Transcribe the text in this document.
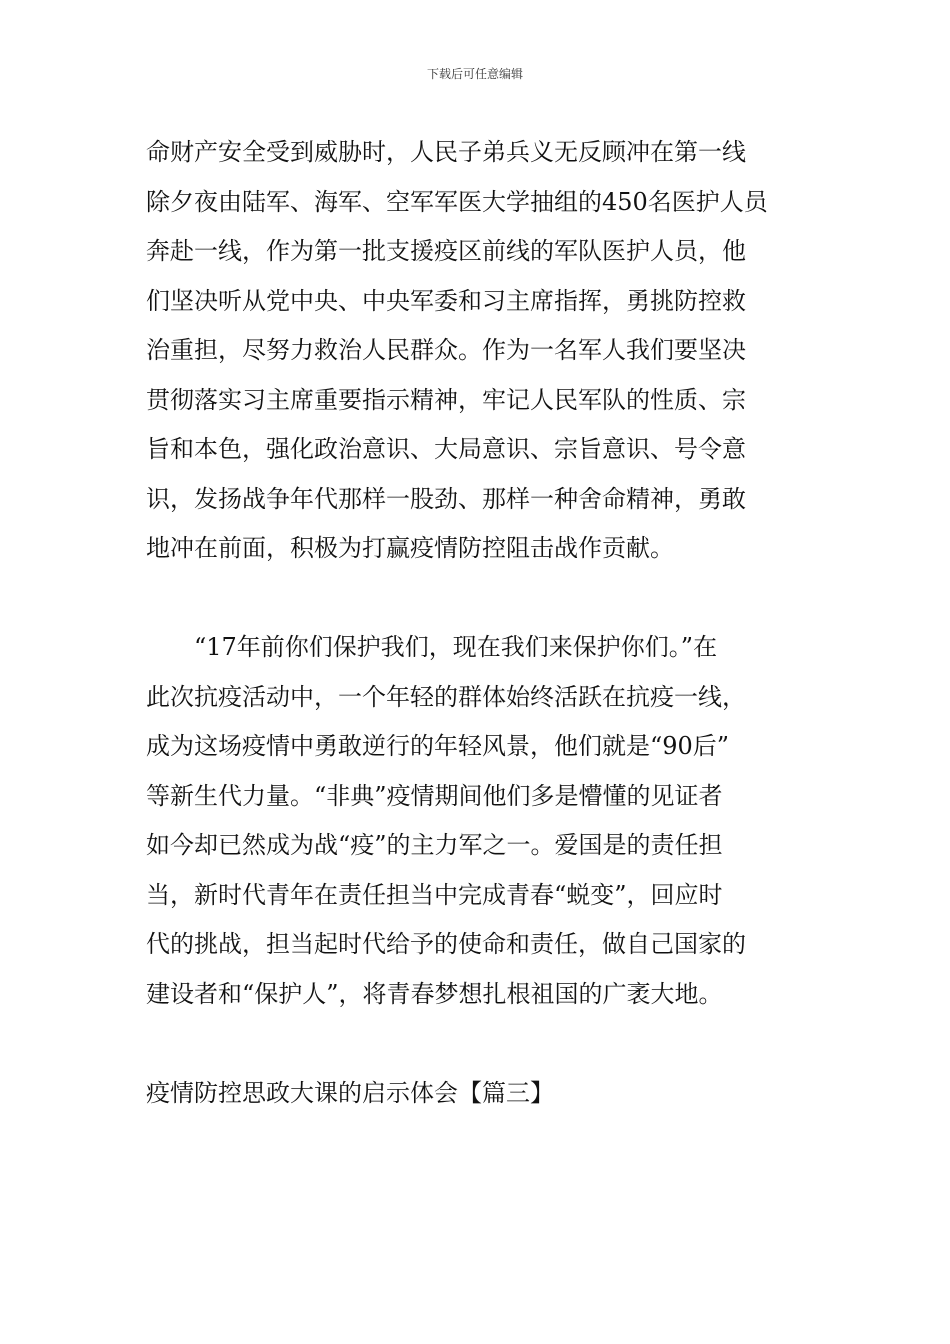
下载后可任意编辑
命财产安全受到威胁时，人民子弟兵义无反顾冲在第一线
除夕夜由陆军、海军、空军军医大学抽组的450名医护人员
奔赴一线，作为第一批支援疫区前线的军队医护人员，他
们坚决听从党中央、中央军委和习主席指挥，勇挑防控救
治重担，尽努力救治人民群众。作为一名军人我们要坚决
贯彻落实习主席重要指示精神，牢记人民军队的性质、宗
旨和本色，强化政治意识、大局意识、宗旨意识、号令意
识，发扬战争年代那样一股劲、那样一种舍命精神，勇敢
地冲在前面，积极为打赢疫情防控阻击战作贡献。
　　“17年前你们保护我们，现在我们来保护你们。”在
此次抗疫活动中，一个年轻的群体始终活跃在抗疫一线，
成为这场疫情中勇敢逆行的年轻风景，他们就是“90后”
等新生代力量。“非典”疫情期间他们多是懵懂的见证者
如今却已然成为战“疫”的主力军之一。爱国是的责任担
当，新时代青年在责任担当中完成青春“蜕变”，回应时
代的挑战，担当起时代给予的使命和责任，做自己国家的
建设者和“保护人”，将青春梦想扎根祖国的广袤大地。
疫情防控思政大课的启示体会【篇三】
